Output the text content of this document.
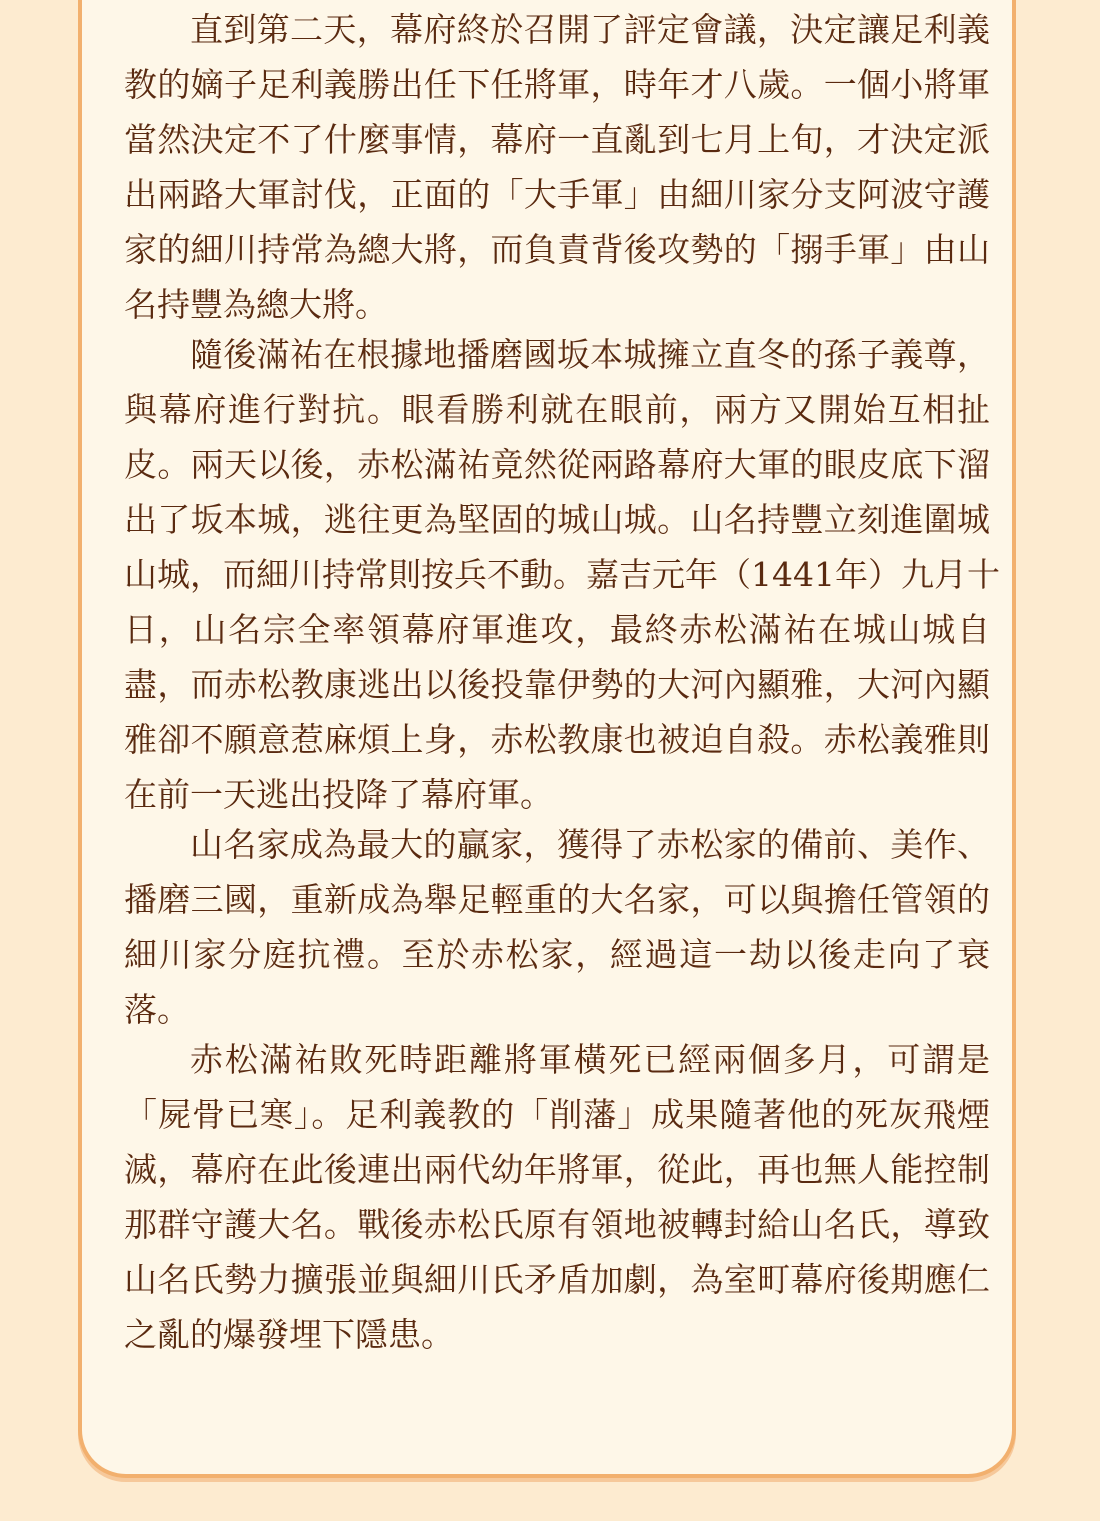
直到第二天，幕府終於召開了評定會議，決定讓足利義
教的嫡子足利義勝出任下任將軍，時年才八歲。一個小將軍
當然決定不了什麼事情，幕府一直亂到七月上旬，才決定派
出兩路大軍討伐，正面的「大手軍」由細川家分支阿波守護
家的細川持常為總大將，而負責背後攻勢的「搦手軍」由山
名持豐為總大將。
隨後滿祐在根據地播磨國坂本城擁立直冬的孫子義尊，
與幕府進行對抗。眼看勝利就在眼前，兩方又開始互相扯
皮。兩天以後，赤松滿祐竟然從兩路幕府大軍的眼皮底下溜
出了坂本城，逃往更為堅固的城山城。山名持豐立刻進圍城
山城，而細川持常則按兵不動。嘉吉元年（1441年）九月十
日，山名宗全率領幕府軍進攻，最終赤松滿祐在城山城自
盡，而赤松教康逃出以後投靠伊勢的大河內顯雅，大河內顯
雅卻不願意惹麻煩上身，赤松教康也被迫自殺。赤松義雅則
在前一天逃出投降了幕府軍。
山名家成為最大的贏家，獲得了赤松家的備前、美作、
播磨三國，重新成為舉足輕重的大名家，可以與擔任管領的
細川家分庭抗禮。至於赤松家，經過這一劫以後走向了衰
落。
赤松滿祐敗死時距離將軍橫死已經兩個多月，可謂是
「屍骨已寒」。足利義教的「削藩」成果隨著他的死灰飛煙
滅，幕府在此後連出兩代幼年將軍，從此，再也無人能控制
那群守護大名。戰後赤松氏原有領地被轉封給山名氏，導致
山名氏勢力擴張並與細川氏矛盾加劇，為室町幕府後期應仁
之亂的爆發埋下隱患。
